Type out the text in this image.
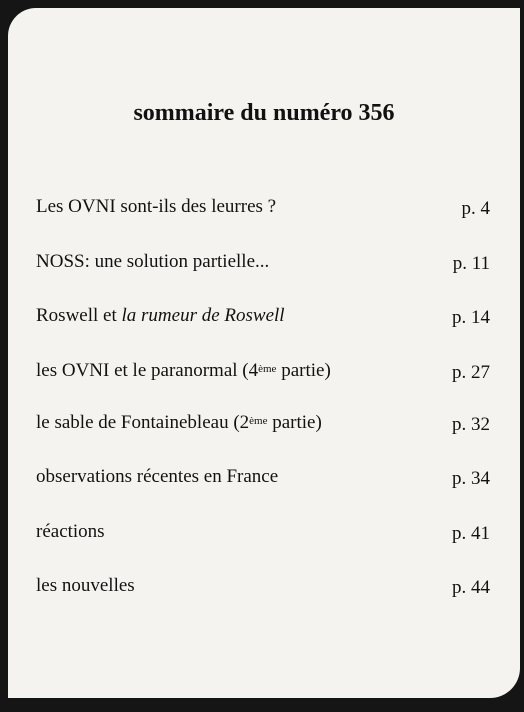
sommaire du numéro 356
Les OVNI sont-ils des leurres ?	p. 4
NOSS: une solution partielle...	p. 11
Roswell et la rumeur de Roswell	p. 14
les OVNI et le paranormal (4ème partie)	p. 27
le sable de Fontainebleau (2ème partie)	p. 32
observations récentes en France	p. 34
réactions	p. 41
les nouvelles	p. 44
